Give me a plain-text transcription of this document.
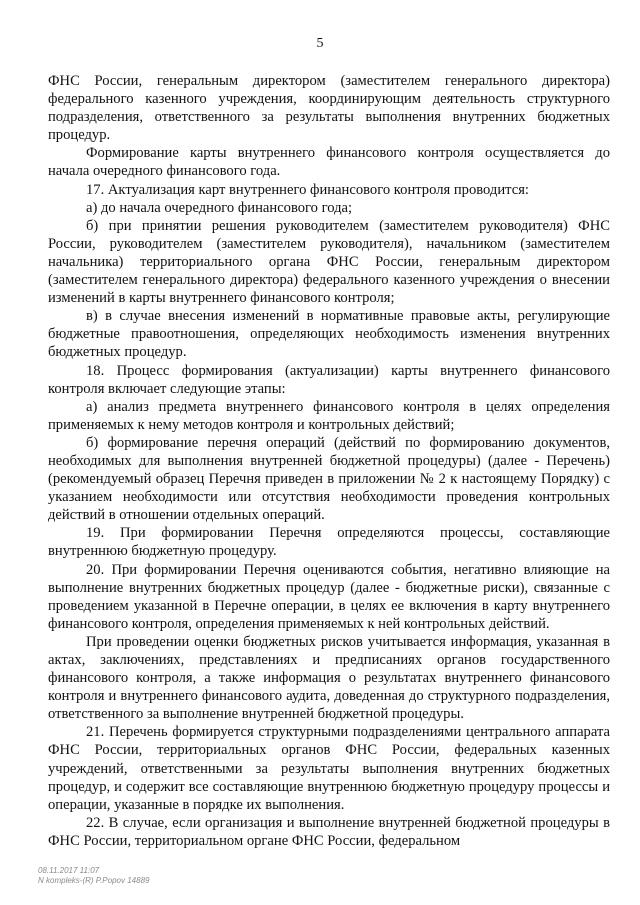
5

ФНС России, генеральным директором (заместителем генерального директора) федерального казенного учреждения, координирующим деятельность структурного подразделения, ответственного за результаты выполнения внутренних бюджетных процедур.

Формирование карты внутреннего финансового контроля осуществляется до начала очередного финансового года.

17. Актуализация карт внутреннего финансового контроля проводится:

а) до начала очередного финансового года;

б) при принятии решения руководителем (заместителем руководителя) ФНС России, руководителем (заместителем руководителя), начальником (заместителем начальника) территориального органа ФНС России, генеральным директором (заместителем генерального директора) федерального казенного учреждения о внесении изменений в карты внутреннего финансового контроля;

в) в случае внесения изменений в нормативные правовые акты, регулирующие бюджетные правоотношения, определяющих необходимость изменения внутренних бюджетных процедур.

18. Процесс формирования (актуализации) карты внутреннего финансового контроля включает следующие этапы:

а) анализ предмета внутреннего финансового контроля в целях определения применяемых к нему методов контроля и контрольных действий;

б) формирование перечня операций (действий по формированию документов, необходимых для выполнения внутренней бюджетной процедуры) (далее - Перечень) (рекомендуемый образец Перечня приведен в приложении № 2 к настоящему Порядку) с указанием необходимости или отсутствия необходимости проведения контрольных действий в отношении отдельных операций.

19. При формировании Перечня определяются процессы, составляющие внутреннюю бюджетную процедуру.

20. При формировании Перечня оцениваются события, негативно влияющие на выполнение внутренних бюджетных процедур (далее - бюджетные риски), связанные с проведением указанной в Перечне операции, в целях ее включения в карту внутреннего финансового контроля, определения применяемых к ней контрольных действий.

При проведении оценки бюджетных рисков учитывается информация, указанная в актах, заключениях, представлениях и предписаниях органов государственного финансового контроля, а также информация о результатах внутреннего финансового контроля и внутреннего финансового аудита, доведенная до структурного подразделения, ответственного за выполнение внутренней бюджетной процедуры.

21. Перечень формируется структурными подразделениями центрального аппарата ФНС России, территориальных органов ФНС России, федеральных казенных учреждений, ответственными за результаты выполнения внутренних бюджетных процедур, и содержит все составляющие внутреннюю бюджетную процедуру процессы и операции, указанные в порядке их выполнения.

22. В случае, если организация и выполнение внутренней бюджетной процедуры в ФНС России, территориальном органе ФНС России, федеральном

08.11.2017 11:07
N kompleks-(R) P.Popov 14889
